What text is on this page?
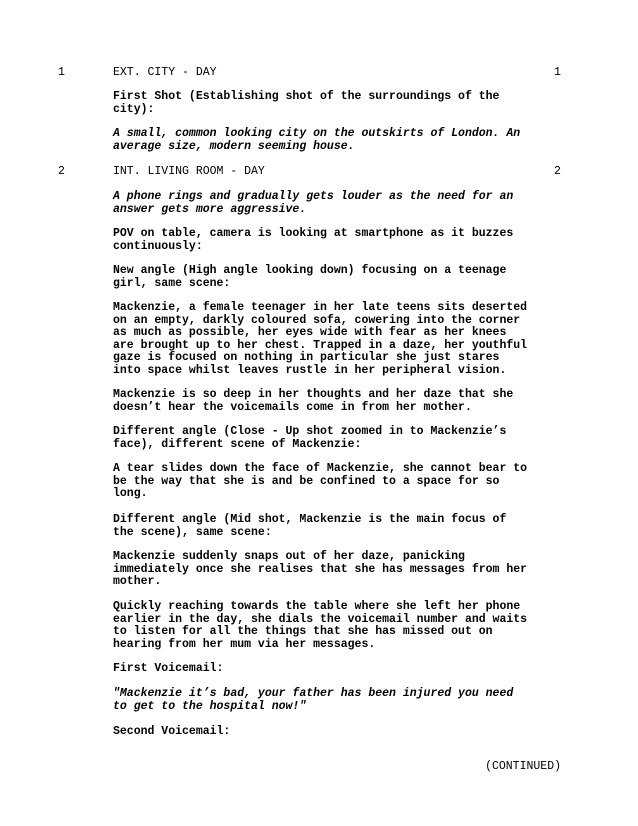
1	EXT. CITY - DAY	1
First Shot (Establishing shot of the surroundings of the
city):
A small, common looking city on the outskirts of London. An
average size, modern seeming house.
2	INT. LIVING ROOM - DAY	2
A phone rings and gradually gets louder as the need for an
answer gets more aggressive.
POV on table, camera is looking at smartphone as it buzzes
continuously:
New angle (High angle looking down) focusing on a teenage
girl, same scene:
Mackenzie, a female teenager in her late teens sits deserted
on an empty, darkly coloured sofa, cowering into the corner
as much as possible, her eyes wide with fear as her knees
are brought up to her chest. Trapped in a daze, her youthful
gaze is focused on nothing in particular she just stares
into space whilst leaves rustle in her peripheral vision.
Mackenzie is so deep in her thoughts and her daze that she
doesn’t hear the voicemails come in from her mother.
Different angle (Close - Up shot zoomed in to Mackenzie’s
face), different scene of Mackenzie:
A tear slides down the face of Mackenzie, she cannot bear to
be the way that she is and be confined to a space for so
long.
Different angle (Mid shot, Mackenzie is the main focus of
the scene), same scene:
Mackenzie suddenly snaps out of her daze, panicking
immediately once she realises that she has messages from her
mother.
Quickly reaching towards the table where she left her phone
earlier in the day, she dials the voicemail number and waits
to listen for all the things that she has missed out on
hearing from her mum via her messages.
First Voicemail:
"Mackenzie it’s bad, your father has been injured you need
to get to the hospital now!"
Second Voicemail:
(CONTINUED)
